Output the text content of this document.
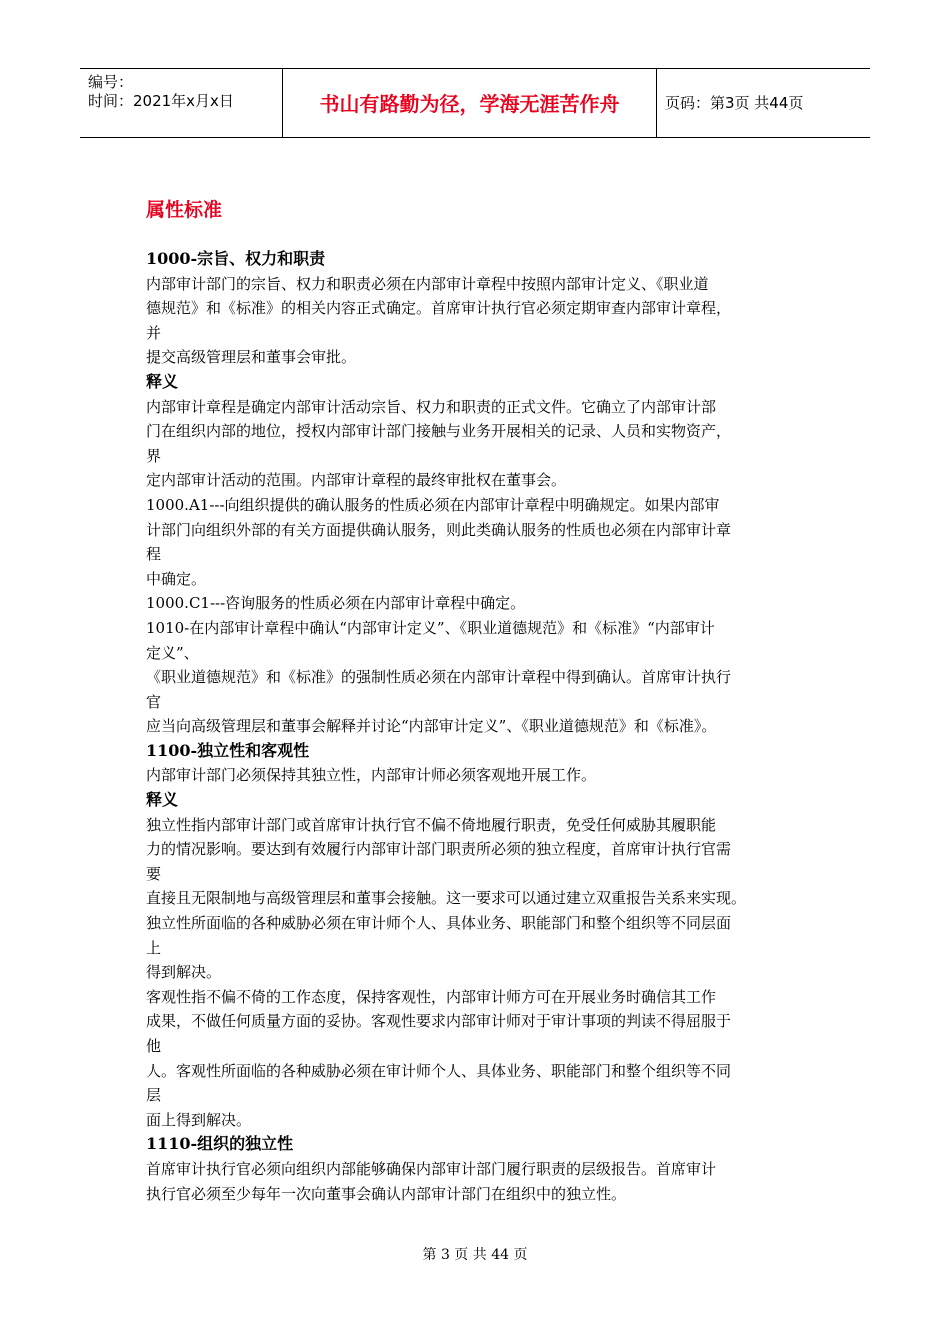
编号：
时间：2021年x月x日	书山有路勤为径，学海无涯苦作舟	页码：第3页 共44页
属性标准
1000-宗旨、权力和职责
内部审计部门的宗旨、权力和职责必须在内部审计章程中按照内部审计定义、《职业道
德规范》和《标准》的相关内容正式确定。首席审计执行官必须定期审查内部审计章程，
并
提交高级管理层和董事会审批。
释义
内部审计章程是确定内部审计活动宗旨、权力和职责的正式文件。它确立了内部审计部
门在组织内部的地位，授权内部审计部门接触与业务开展相关的记录、人员和实物资产，
界
定内部审计活动的范围。内部审计章程的最终审批权在董事会。
1000.A1---向组织提供的确认服务的性质必须在内部审计章程中明确规定。如果内部审
计部门向组织外部的有关方面提供确认服务，则此类确认服务的性质也必须在内部审计章
程
中确定。
1000.C1---咨询服务的性质必须在内部审计章程中确定。
1010-在内部审计章程中确认“内部审计定义”、《职业道德规范》和《标准》“内部审计
定义”、
《职业道德规范》和《标准》的强制性质必须在内部审计章程中得到确认。首席审计执行
官
应当向高级管理层和董事会解释并讨论“内部审计定义”、《职业道德规范》和《标准》。
1100-独立性和客观性
内部审计部门必须保持其独立性，内部审计师必须客观地开展工作。
释义
独立性指内部审计部门或首席审计执行官不偏不倚地履行职责，免受任何威胁其履职能
力的情况影响。要达到有效履行内部审计部门职责所必须的独立程度，首席审计执行官需
要
直接且无限制地与高级管理层和董事会接触。这一要求可以通过建立双重报告关系来实现。
独立性所面临的各种威胁必须在审计师个人、具体业务、职能部门和整个组织等不同层面
上
得到解决。
客观性指不偏不倚的工作态度，保持客观性，内部审计师方可在开展业务时确信其工作
成果，不做任何质量方面的妥协。客观性要求内部审计师对于审计事项的判读不得屈服于
他
人。客观性所面临的各种威胁必须在审计师个人、具体业务、职能部门和整个组织等不同
层
面上得到解决。
1110-组织的独立性
首席审计执行官必须向组织内部能够确保内部审计部门履行职责的层级报告。首席审计
执行官必须至少每年一次向董事会确认内部审计部门在组织中的独立性。
第 3 页 共 44 页
